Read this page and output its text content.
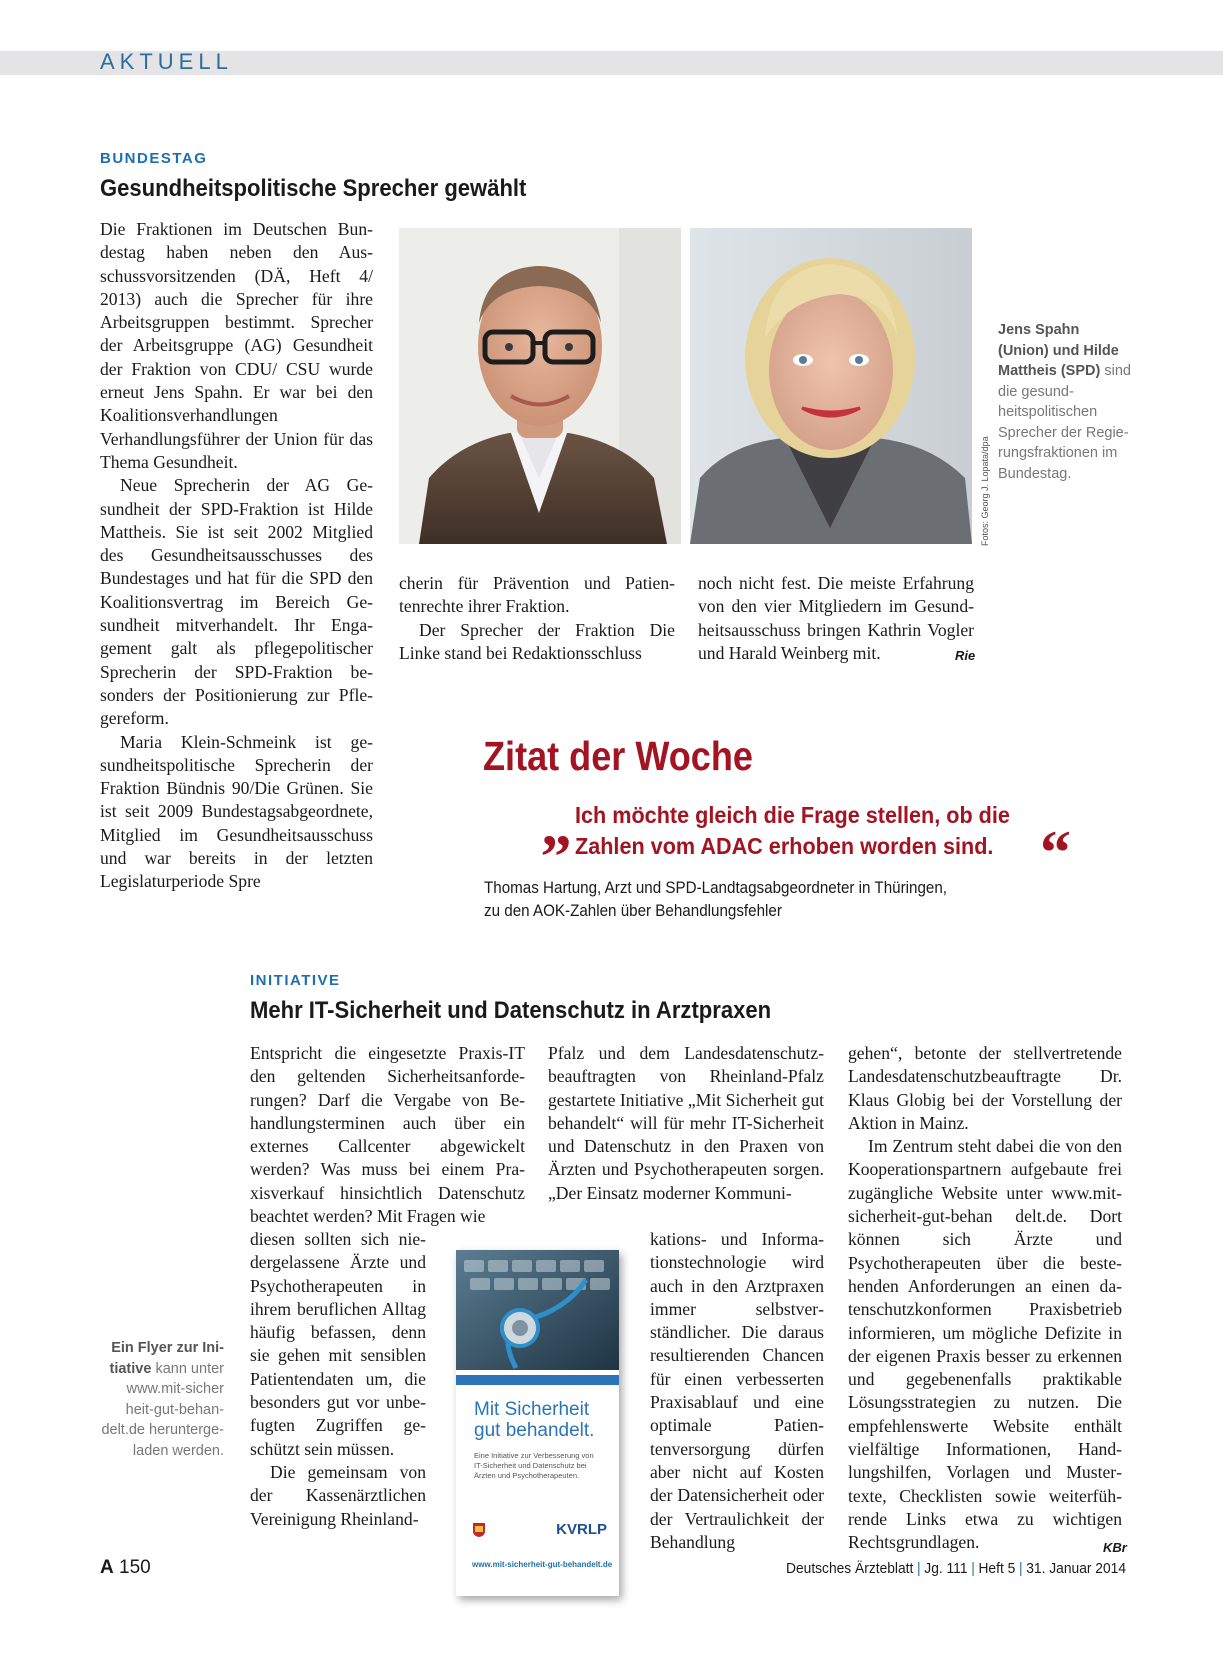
AKTUELL
BUNDESTAG
Gesundheitspolitische Sprecher gewählt

Die Fraktionen im Deutschen Bundestag haben neben den Ausschussvorsitzenden (DÄ, Heft 4/ 2013) auch die Sprecher für ihre Arbeitsgruppen bestimmt. Sprecher der Arbeitsgruppe (AG) Gesundheit der Fraktion von CDU/ CSU wurde erneut Jens Spahn. Er war bei den Koalitionsverhandlungen Verhandlungsführer der Union für das Thema Gesundheit.

Neue Sprecherin der AG Gesundheit der SPD-Fraktion ist Hilde Mattheis. Sie ist seit 2002 Mitglied des Gesundheitsausschusses des Bundestages und hat für die SPD den Koalitionsvertrag im Bereich Gesundheit mitverhandelt. Ihr Engagement galt als pflegepolitischer Sprecherin der SPD-Fraktion besonders der Positionierung zur Pflegereform.

Maria Klein-Schmeink ist gesundheitspolitische Sprecherin der Fraktion Bündnis 90/Die Grünen. Sie ist seit 2009 Bundestagsabgeordnete, Mitglied im Gesundheitsausschuss und war bereits in der letzten Legislaturperiode Spre

Fotos: Georg J. Lopata/dpa
Jens Spahn (Union) und Hilde Mattheis (SPD) sind die gesundheitspolitischen Sprecher der Regierungsfraktionen im Bundestag.

cherin für Prävention und Patientenrechte ihrer Fraktion.

Der Sprecher der Fraktion Die Linke stand bei Redaktionsschluss

noch nicht fest. Die meiste Erfahrung von den vier Mitgliedern im Gesundheitsausschuss bringen Kathrin Vogler und Harald Weinberg mit.	Rie
Zitat der Woche
„ Ich möchte gleich die Frage stellen, ob die
Zahlen vom ADAC erhoben worden sind. “
Thomas Hartung, Arzt und SPD-Landtagsabgeordneter in Thüringen,
zu den AOK-Zahlen über Behandlungsfehler
INITIATIVE
Mehr IT-Sicherheit und Datenschutz in Arztpraxen

Entspricht die eingesetzte Praxis-IT den geltenden Sicherheitsanforderungen? Darf die Vergabe von Behandlungsterminen auch über ein externes Callcenter abgewickelt werden? Was muss bei einem Praxisverkauf hinsichtlich Datenschutz beachtet werden? Mit Fragen wie

diesen sollten sich niedergelassene Ärzte und Psychotherapeuten in ihrem beruflichen Alltag häufig befassen, denn sie gehen mit sensiblen Patientendaten um, die besonders gut vor unbefugten Zugriffen geschützt sein müssen.

Die gemeinsam von der Kassenärztlichen Vereinigung Rheinland-

Pfalz und dem Landesdatenschutzbeauftragten von Rheinland-Pfalz gestartete Initiative „Mit Sicherheit gut behandelt“ will für mehr IT-Sicherheit und Datenschutz in den Praxen von Ärzten und Psychotherapeuten sorgen. „Der Einsatz moderner Kommuni-

kations- und Informationstechnologie wird auch in den Arztpraxen immer selbstverständlicher. Die daraus resultierenden Chancen für einen verbesserten Praxisablauf und eine optimale Patientenversorgung dürfen aber nicht auf Kosten der Datensicherheit oder der Vertraulichkeit der Behandlung

gehen“, betonte der stellvertretende Landesdatenschutzbeauftragte Dr. Klaus Globig bei der Vorstellung der Aktion in Mainz.

Im Zentrum steht dabei die von den Kooperationspartnern aufgebaute frei zugängliche Website unter www.mit-sicherheit-gut-behan delt.de. Dort können sich Ärzte und Psychotherapeuten über die bestehenden Anforderungen an einen datenschutzkonformen Praxisbetrieb informieren, um mögliche Defizite in der eigenen Praxis besser zu erkennen und gegebenenfalls praktikable Lösungsstrategien zu nutzen. Die empfehlenswerte Website enthält vielfältige Informationen, Handlungshilfen, Vorlagen und Mustertexte, Checklisten sowie weiterführende Links etwa zu wichtigen Rechtsgrundlagen.	KBr
Ein Flyer zur Initiative kann unter www.mit-sicher heit-gut-behandelt.de heruntergeladen werden.
Mit Sicherheit gut behandelt.
Eine Initiative zur Verbesserung von IT-Sicherheit und Datenschutz bei Ärzten und Psychotherapeuten.
KVRLP
www.mit-sicherheit-gut-behandelt.de
A 150	Deutsches Ärzteblatt | Jg. 111 | Heft 5 | 31. Januar 2014
